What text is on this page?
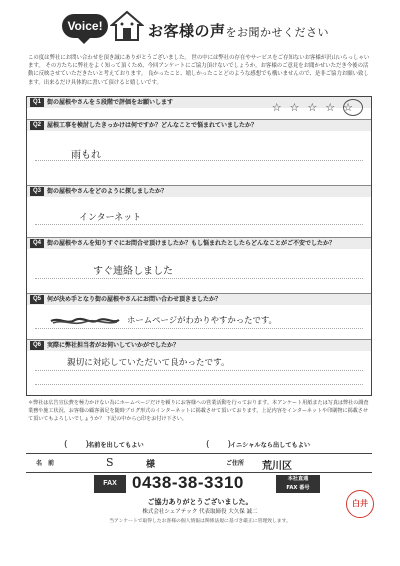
Voice!	お客様の声をお聞かせください
この度は弊社にお問い合わせを頂き誠にありがとうございました。 世の中には弊社の存在やサービスをご存知ないお客様が沢山いらっしゃいます。 その方たちに弊社をよく知って頂くため、今回アンケートにご協力頂けないでしょうか。お客様のご意見をお聞かせいただき今後の活動に反映させていただきたいと考えております。 良かったこと、嬉しかったことどのような感想でも構いませんので、是非ご協力お願い致します。出来るだけ具体的に書いて頂けると嬉しいです。
Q1	街の屋根やさんを５段階で評価をお願いします	☆☆☆☆☆
Q2	屋根工事を検討したきっかけは何ですか？どんなことで悩まれていましたか？
雨もれ
Q3	街の屋根やさんをどのように探しましたか？
インターネット
Q4	街の屋根やさんを知りすぐにお問合せ頂けましたか？もし悩まれたとしたらどんなことがご不安でしたか？
すぐ連絡しました
Q5	何が決め手となり街の屋根やさんにお問い合わせ頂きましたか？
ホームページがわかりやすかったです。
Q6	実際に弊社担当者がお伺いしていかがでしたか？
親切に対応していただいて良かったです。
＊弊社は広告宣伝費を極力かけない為にホームページだけを頼りにお客様への営業活動を行っております。本アンケート用紙または写真は弊社の調査業務や施工状況、お客様の顧客満足を随時ブログ形式のインターネットに掲載させて頂いております。上記内容をインターネットや印刷物に掲載させて頂いてもよろしいでしょうか？ 下記の中から○印をお付け下さい。
(　　)
名前を出してもよい	(　　)
イニシャルなら出してもよい
名　前	S	様	ご住所 荒川区
FAX 0438-38-3310	本社直通
FAX 番号
ご協力ありがとうございました。
株式会社シェアテック 代表取締役 大久保 誠二
当アンケートで取得したお客様の個人情報は関係法規に基づき厳正に管理致します。
白井
